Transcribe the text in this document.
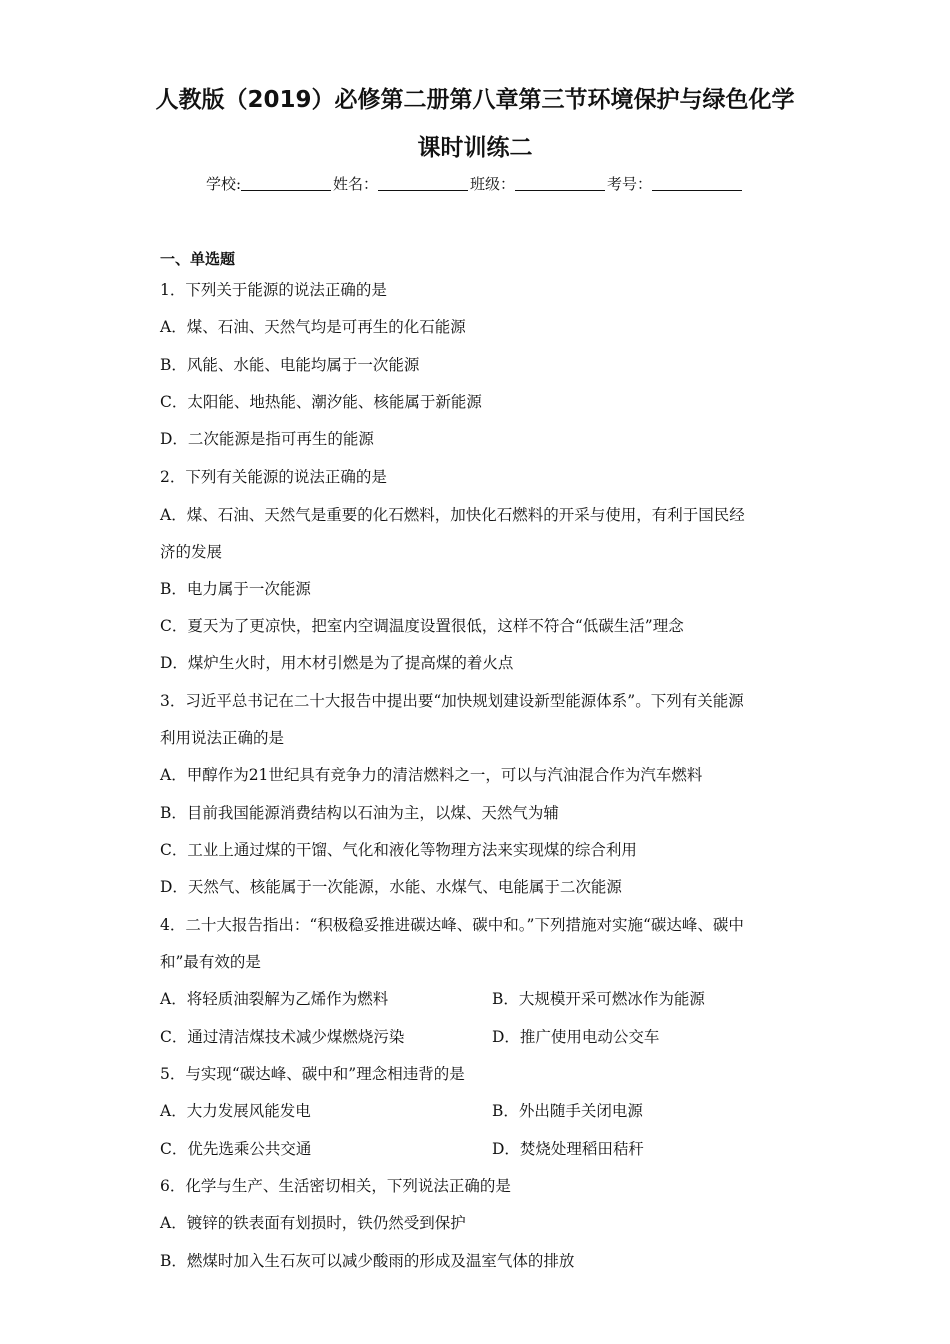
人教版（2019）必修第二册第八章第三节环境保护与绿色化学
课时训练二
学校:	姓名：	班级：	考号：
一、单选题
1．下列关于能源的说法正确的是
A．煤、石油、天然气均是可再生的化石能源
B．风能、水能、电能均属于一次能源
C．太阳能、地热能、潮汐能、核能属于新能源
D．二次能源是指可再生的能源
2．下列有关能源的说法正确的是
A．煤、石油、天然气是重要的化石燃料，加快化石燃料的开采与使用，有利于国民经
济的发展
B．电力属于一次能源
C．夏天为了更凉快，把室内空调温度设置很低，这样不符合“低碳生活”理念
D．煤炉生火时，用木材引燃是为了提高煤的着火点
3．习近平总书记在二十大报告中提出要“加快规划建设新型能源体系”。下列有关能源
利用说法正确的是
A．甲醇作为21世纪具有竞争力的清洁燃料之一，可以与汽油混合作为汽车燃料
B．目前我国能源消费结构以石油为主，以煤、天然气为辅
C．工业上通过煤的干馏、气化和液化等物理方法来实现煤的综合利用
D．天然气、核能属于一次能源，水能、水煤气、电能属于二次能源
4．二十大报告指出：“积极稳妥推进碳达峰、碳中和。”下列措施对实施“碳达峰、碳中
和”最有效的是
A．将轻质油裂解为乙烯作为燃料	B．大规模开采可燃冰作为能源
C．通过清洁煤技术减少煤燃烧污染	D．推广使用电动公交车
5．与实现“碳达峰、碳中和”理念相违背的是
A．大力发展风能发电	B．外出随手关闭电源
C．优先选乘公共交通	D．焚烧处理稻田秸秆
6．化学与生产、生活密切相关，下列说法正确的是
A．镀锌的铁表面有划损时，铁仍然受到保护
B．燃煤时加入生石灰可以减少酸雨的形成及温室气体的排放
